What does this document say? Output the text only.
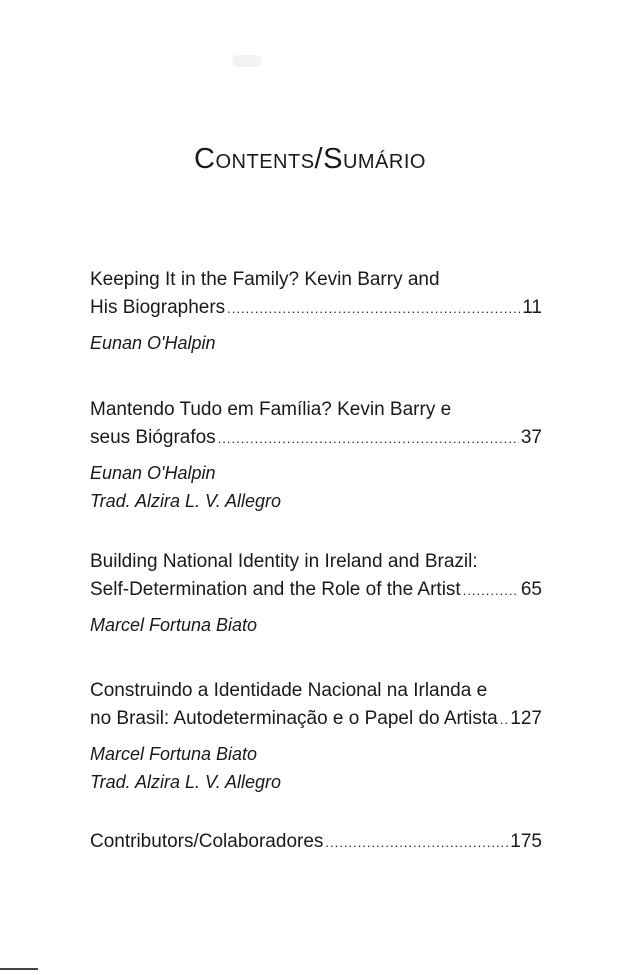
Contents/Sumário
Keeping It in the Family? Kevin Barry and
His Biographers .....	11
Eunan O'Halpin
Mantendo Tudo em Família? Kevin Barry e
seus Biógrafos .....	37
Eunan O'Halpin
Trad. Alzira L. V. Allegro
Building National Identity in Ireland and Brazil:
Self-Determination and the Role of the Artist .....	65
Marcel Fortuna Biato
Construindo a Identidade Nacional na Irlanda e
no Brasil: Autodeterminação e o Papel do Artista ..... 127
Marcel Fortuna Biato
Trad. Alzira L. V. Allegro
Contributors/Colaboradores .....	175
